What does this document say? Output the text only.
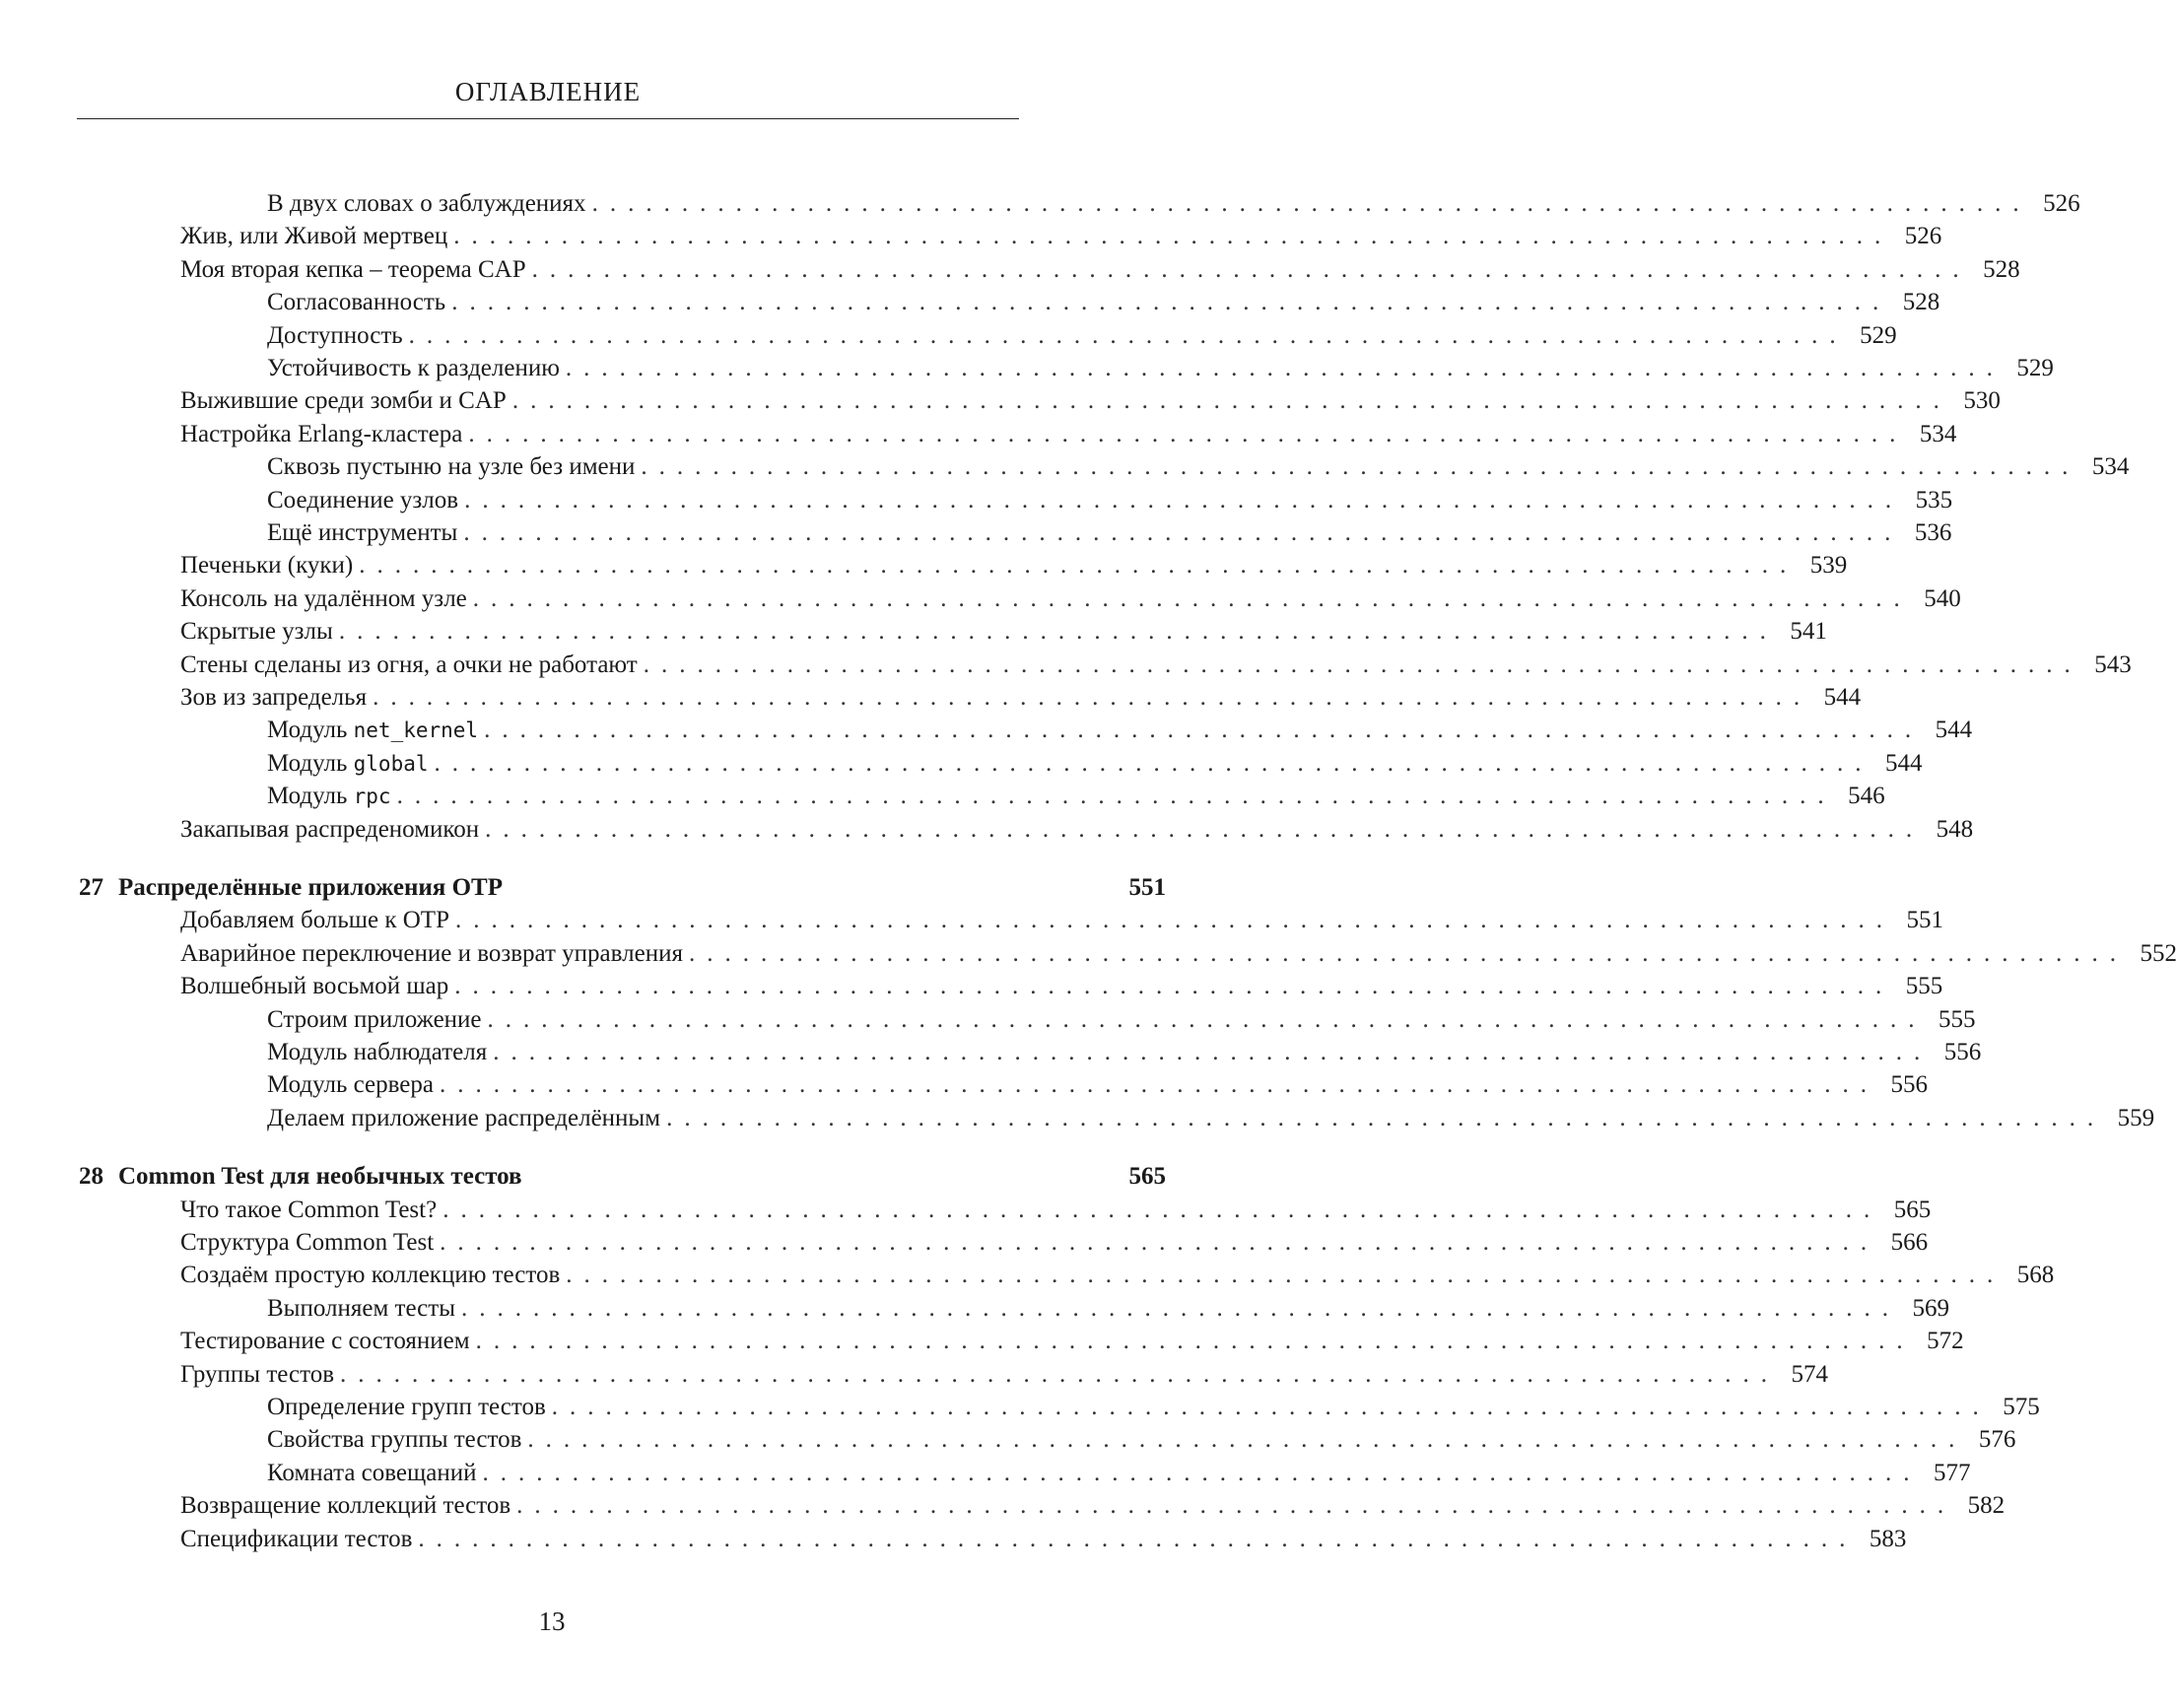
ОГЛАВЛЕНИЕ
В двух словах о заблуждениях ................................................................................ 526
Жив, или Живой мертвец ................................................................................ 526
Моя вторая кепка – теорема CAP ................................................................................ 528
Согласованность ................................................................................ 528
Доступность ................................................................................ 529
Устойчивость к разделению ................................................................................ 529
Выжившие среди зомби и CAP ................................................................................ 530
Настройка Erlang-кластера ................................................................................ 534
Сквозь пустыню на узле без имени ................................................................................ 534
Соединение узлов ................................................................................ 535
Ещё инструменты ................................................................................ 536
Печеньки (куки) ................................................................................ 539
Консоль на удалённом узле ................................................................................ 540
Скрытые узлы ................................................................................ 541
Стены сделаны из огня, а очки не работают ................................................................................ 543
Зов из запределья ................................................................................ 544
Модуль net_kernel ................................................................................ 544
Модуль global ................................................................................ 544
Модуль rpc ................................................................................ 546
Закапывая распреденомикон ................................................................................ 548
27 Распределённые приложения OTP	551
Добавляем больше к OTP ................................................................................ 551
Аварийное переключение и возврат управления ................................................................................ 552
Волшебный восьмой шар ................................................................................ 555
Строим приложение ................................................................................ 555
Модуль наблюдателя ................................................................................ 556
Модуль сервера ................................................................................ 556
Делаем приложение распределённым ................................................................................ 559
28 Common Test для необычных тестов	565
Что такое Common Test? ................................................................................ 565
Структура Common Test ................................................................................ 566
Создаём простую коллекцию тестов ................................................................................ 568
Выполняем тесты ................................................................................ 569
Тестирование с состоянием ................................................................................ 572
Группы тестов ................................................................................ 574
Определение групп тестов ................................................................................ 575
Свойства группы тестов ................................................................................ 576
Комната совещаний ................................................................................ 577
Возвращение коллекций тестов ................................................................................ 582
Спецификации тестов ................................................................................ 583
13
